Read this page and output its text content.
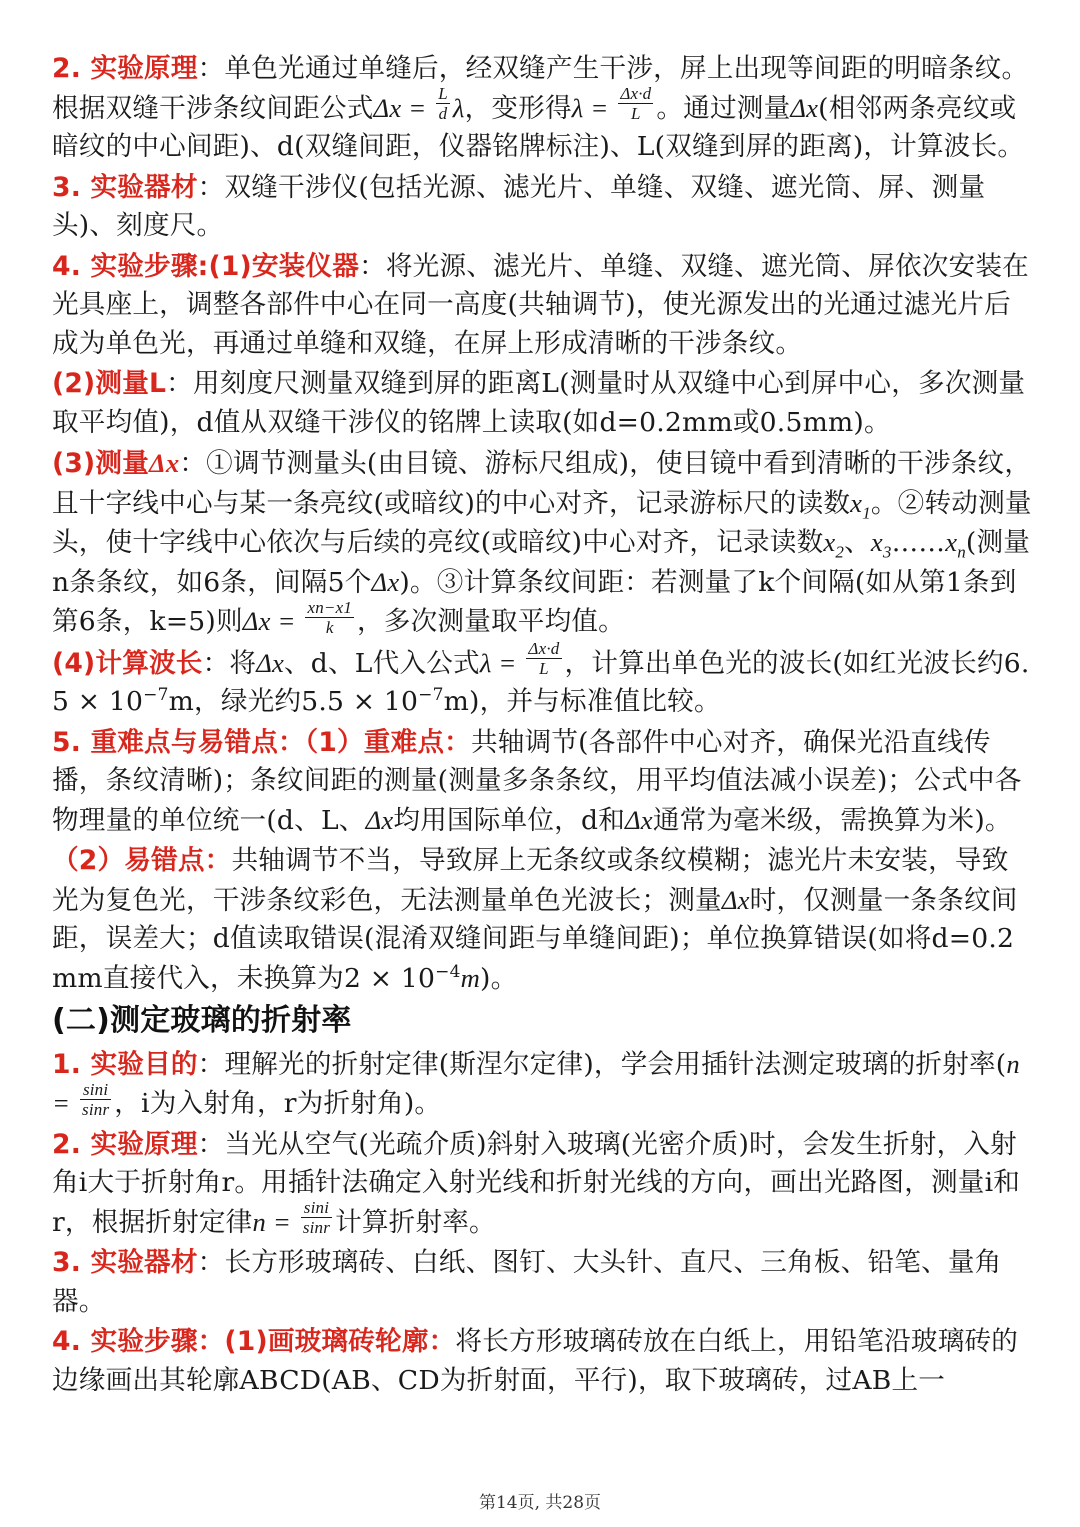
2. 实验原理：单色光通过单缝后，经双缝产生干涉，屏上出现等间距的明暗条纹。根据双缝干涉条纹间距公式$\Delta x = \frac{L}{d}$ λ，变形得$\lambda = \frac{\Delta x\cdot d}{L}$ 。通过测量Δx(相邻两条亮纹或暗纹的中心间距)、d(双缝间距，仪器铭牌标注)、L(双缝到屏的距离)，计算波长。

3. 实验器材：双缝干涉仪(包括光源、滤光片、单缝、双缝、遮光筒、屏、测量头)、刻度尺。

4. 实验步骤:(1)安装仪器：将光源、滤光片、单缝、双缝、遮光筒、屏依次安装在光具座上，调整各部件中心在同一高度(共轴调节)，使光源发出的光通过滤光片后成为单色光，再通过单缝和双缝，在屏上形成清晰的干涉条纹。

(2)测量L：用刻度尺测量双缝到屏的距离L(测量时从双缝中心到屏中心，多次测量取平均值)，d值从双缝干涉仪的铭牌上读取(如d=0.2mm或0.5mm)。

(3)测量Δx：①调节测量头(由目镜、游标尺组成)，使目镜中看到清晰的干涉条纹，且十字线中心与某一条亮纹(或暗纹)的中心对齐，记录游标尺的读数$x_1$。②转动测量头，使十字线中心依次与后续的亮纹(或暗纹)中心对齐，记录读数$x_2$、$x_3\dots\dots x_n$(测量n条条纹，如6条，间隔5个Δx)。③计算条纹间距：若测量了k个间隔(如从第1条到第6条，k=5)则$\Delta x = \frac{xn-x1}{k}$ ，多次测量取平均值。

(4)计算波长：将Δx、d、L代入公式$\lambda = \frac{\Delta x\cdot d}{L}$ ，计算出单色光的波长(如红光波长约$6.5 \times 10^{-7}m$，绿光约$5.5 \times 10^{-7}m$)，并与标准值比较。

5. 重难点与易错点：（1）重难点：共轴调节(各部件中心对齐，确保光沿直线传播，条纹清晰)；条纹间距的测量(测量多条条纹，用平均值法减小误差)；公式中各物理量的单位统一(d、L、Δx均用国际单位，d和Δx通常为毫米级，需换算为米)。

（2）易错点：共轴调节不当，导致屏上无条纹或条纹模糊；滤光片未安装，导致光为复色光，干涉条纹彩色，无法测量单色光波长；测量Δx时，仅测量一条条纹间距，误差大；d值读取错误(混淆双缝间距与单缝间距)；单位换算错误(如将d=0.2mm直接代入，未换算为$2 \times 10^{-4}m$)。

(二)测定玻璃的折射率

1. 实验目的：理解光的折射定律(斯涅尔定律)，学会用插针法测定玻璃的折射率($n = \frac{\sin i}{\sin r}$ ，i为入射角，r为折射角)。

2. 实验原理：当光从空气(光疏介质)斜射入玻璃(光密介质)时，会发生折射，入射角i大于折射角r。用插针法确定入射光线和折射光线的方向，画出光路图，测量i和r，根据折射定律$n = \frac{\sin i}{\sin r}$ 计算折射率。

3. 实验器材：长方形玻璃砖、白纸、图钉、大头针、直尺、三角板、铅笔、量角器。

4. 实验步骤：(1)画玻璃砖轮廓：将长方形玻璃砖放在白纸上，用铅笔沿玻璃砖的边缘画出其轮廓ABCD(AB、CD为折射面，平行)，取下玻璃砖，过AB上一

第14页, 共28页
